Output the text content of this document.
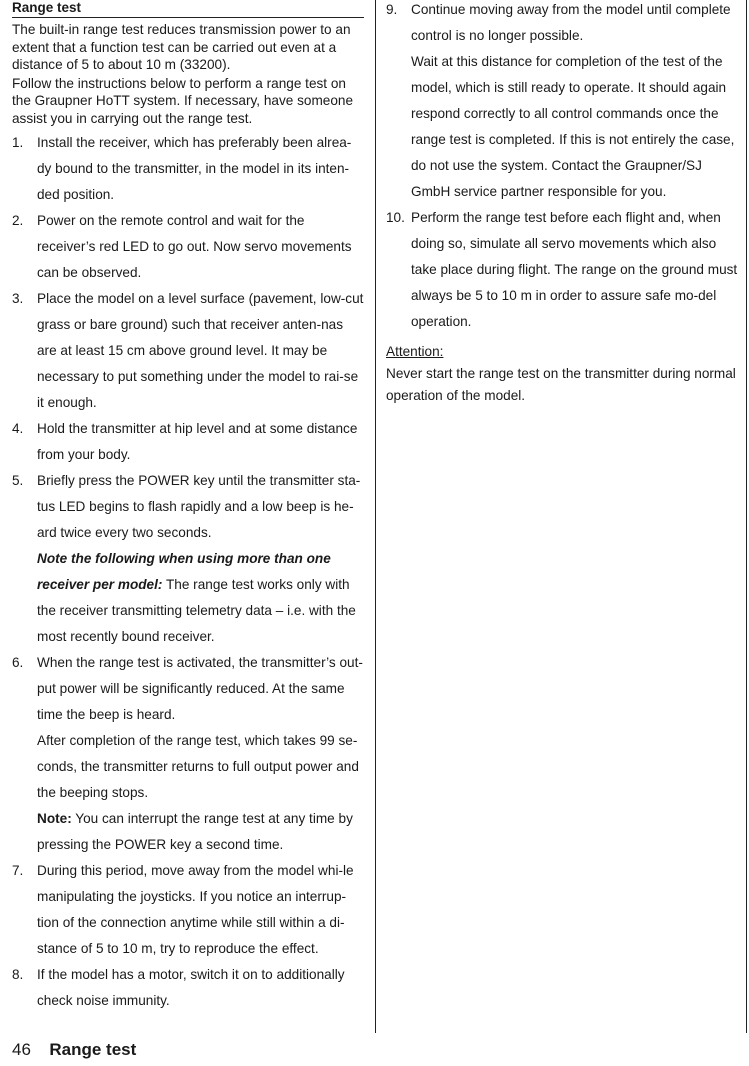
Range test

The built-in range test reduces transmission power to an extent that a function test can be carried out even at a distance of 5 to about 10 m (33200).

Follow the instructions below to perform a range test on the Graupner HoTT system. If necessary, have someone assist you in carrying out the range test.

1. Install the receiver, which has preferably been alrea-dy bound to the transmitter, in the model in its inten-ded position.
2. Power on the remote control and wait for the receiver’s red LED to go out. Now servo movements can be observed.
3. Place the model on a level surface (pavement, low-cut grass or bare ground) such that receiver anten-nas are at least 15 cm above ground level. It may be necessary to put something under the model to rai-se it enough.
4. Hold the transmitter at hip level and at some distance from your body.
5. Briefly press the POWER key until the transmitter sta-tus LED begins to flash rapidly and a low beep is he-ard twice every two seconds.
Note the following when using more than one receiver per model: The range test works only with the receiver transmitting telemetry data – i.e. with the most recently bound receiver.
6. When the range test is activated, the transmitter’s out-put power will be significantly reduced. At the same time the beep is heard.
After completion of the range test, which takes 99 se-conds, the transmitter returns to full output power and the beeping stops.
Note: You can interrupt the range test at any time by pressing the POWER key a second time.
7. During this period, move away from the model whi-le manipulating the joysticks. If you notice an interrup-tion of the connection anytime while still within a di-stance of 5 to 10 m, try to reproduce the effect.
8. If the model has a motor, switch it on to additionally check noise immunity.
9. Continue moving away from the model until complete control is no longer possible.
Wait at this distance for completion of the test of the model, which is still ready to operate. It should again respond correctly to all control commands once the range test is completed. If this is not entirely the case, do not use the system. Contact the Graupner/SJ GmbH service partner responsible for you.
10. Perform the range test before each flight and, when doing so, simulate all servo movements which also take place during flight. The range on the ground must always be 5 to 10 m in order to assure safe mo-del operation.
Attention:
Never start the range test on the transmitter during normal operation of the model.
46 Range test
